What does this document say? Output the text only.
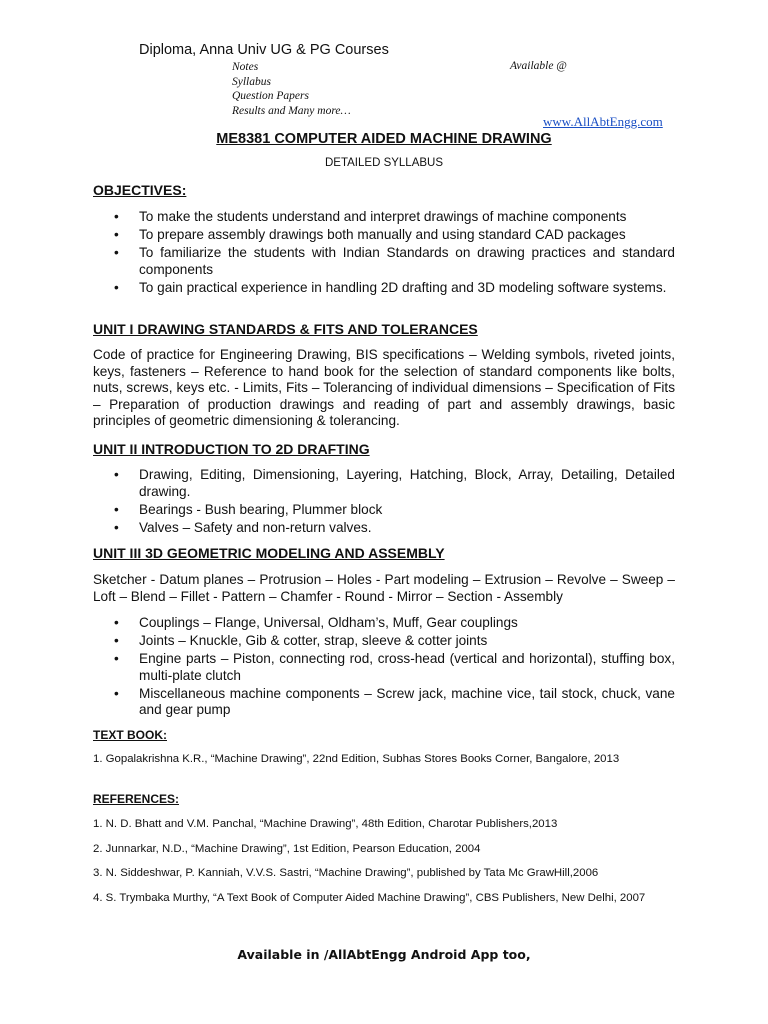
Diploma, Anna Univ UG & PG Courses
Notes
Syllabus
Question Papers
Results and Many more…
Available @
www.AllAbtEngg.com
ME8381 COMPUTER AIDED MACHINE DRAWING
DETAILED SYLLABUS
OBJECTIVES:
• To make the students understand and interpret drawings of machine components
• To prepare assembly drawings both manually and using standard CAD packages
• To familiarize the students with Indian Standards on drawing practices and standard components
• To gain practical experience in handling 2D drafting and 3D modeling software systems.
UNIT I DRAWING STANDARDS & FITS AND TOLERANCES
Code of practice for Engineering Drawing, BIS specifications – Welding symbols, riveted joints, keys, fasteners – Reference to hand book for the selection of standard components like bolts, nuts, screws, keys etc. - Limits, Fits – Tolerancing of individual dimensions – Specification of Fits – Preparation of production drawings and reading of part and assembly drawings, basic principles of geometric dimensioning & tolerancing.
UNIT II INTRODUCTION TO 2D DRAFTING
• Drawing, Editing, Dimensioning, Layering, Hatching, Block, Array, Detailing, Detailed drawing.
• Bearings - Bush bearing, Plummer block
• Valves – Safety and non-return valves.
UNIT III 3D GEOMETRIC MODELING AND ASSEMBLY
Sketcher - Datum planes – Protrusion – Holes - Part modeling – Extrusion – Revolve – Sweep – Loft – Blend – Fillet - Pattern – Chamfer - Round - Mirror – Section - Assembly
• Couplings – Flange, Universal, Oldham’s, Muff, Gear couplings
• Joints – Knuckle, Gib & cotter, strap, sleeve & cotter joints
• Engine parts – Piston, connecting rod, cross-head (vertical and horizontal), stuffing box, multi-plate clutch
• Miscellaneous machine components – Screw jack, machine vice, tail stock, chuck, vane and gear pump
TEXT BOOK:
1. Gopalakrishna K.R., “Machine Drawing”, 22nd Edition, Subhas Stores Books Corner, Bangalore, 2013
REFERENCES:
1. N. D. Bhatt and V.M. Panchal, “Machine Drawing”, 48th Edition, Charotar Publishers,2013
2. Junnarkar, N.D., “Machine Drawing”, 1st Edition, Pearson Education, 2004
3. N. Siddeshwar, P. Kanniah, V.V.S. Sastri, “Machine Drawing”, published by Tata Mc GrawHill,2006
4. S. Trymbaka Murthy, “A Text Book of Computer Aided Machine Drawing”, CBS Publishers, New Delhi, 2007
Available in /AllAbtEngg Android App too,
